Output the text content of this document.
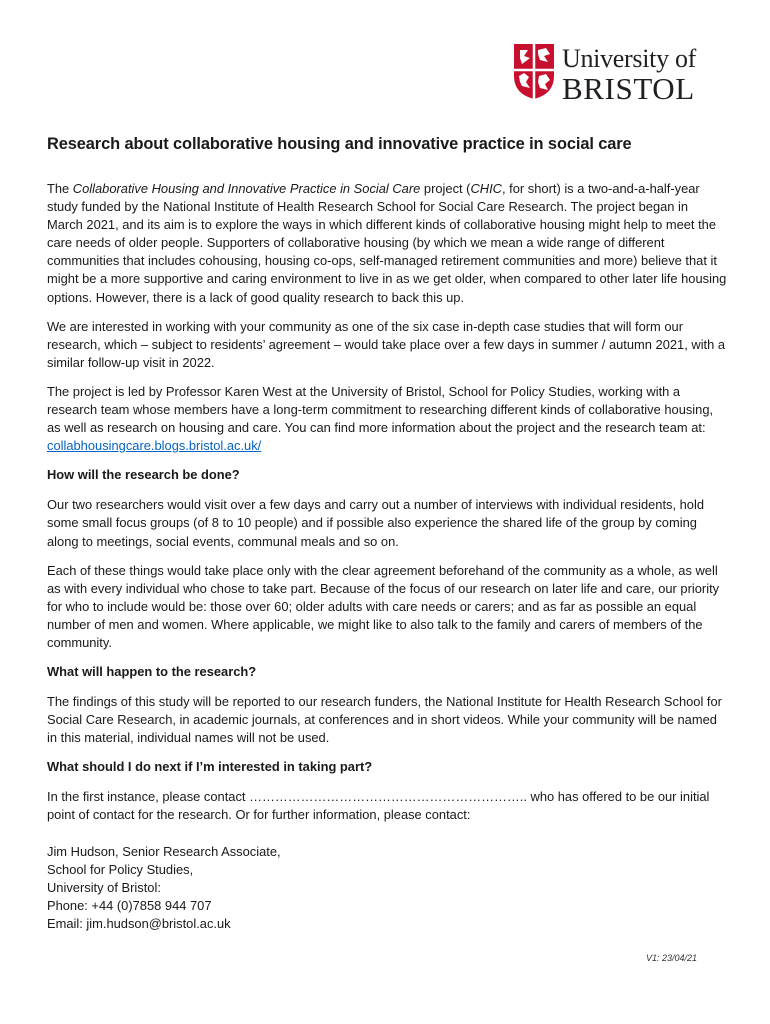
University of
BRISTOL
Research about collaborative housing and innovative practice in social care

The Collaborative Housing and Innovative Practice in Social Care project (CHIC, for short) is a two-and-a-half-year study funded by the National Institute of Health Research School for Social Care Research. The project began in March 2021, and its aim is to explore the ways in which different kinds of collaborative housing might help to meet the care needs of older people. Supporters of collaborative housing (by which we mean a wide range of different communities that includes cohousing, housing co-ops, self-managed retirement communities and more) believe that it might be a more supportive and caring environment to live in as we get older, when compared to other later life housing options. However, there is a lack of good quality research to back this up.

We are interested in working with your community as one of the six case in-depth case studies that will form our research, which – subject to residents’ agreement – would take place over a few days in summer / autumn 2021, with a similar follow-up visit in 2022.

The project is led by Professor Karen West at the University of Bristol, School for Policy Studies, working with a research team whose members have a long-term commitment to researching different kinds of collaborative housing, as well as research on housing and care. You can find more information about the project and the research team at: collabhousingcare.blogs.bristol.ac.uk/

How will the research be done?

Our two researchers would visit over a few days and carry out a number of interviews with individual residents, hold some small focus groups (of 8 to 10 people) and if possible also experience the shared life of the group by coming along to meetings, social events, communal meals and so on.

Each of these things would take place only with the clear agreement beforehand of the community as a whole, as well as with every individual who chose to take part. Because of the focus of our research on later life and care, our priority for who to include would be: those over 60; older adults with care needs or carers; and as far as possible an equal number of men and women. Where applicable, we might like to also talk to the family and carers of members of the community.

What will happen to the research?

The findings of this study will be reported to our research funders, the National Institute for Health Research School for Social Care Research, in academic journals, at conferences and in short videos. While your community will be named in this material, individual names will not be used.

What should I do next if I’m interested in taking part?

In the first instance, please contact ……………………………………………………….. who has offered to be our initial point of contact for the research. Or for further information, please contact:

Jim Hudson, Senior Research Associate,
School for Policy Studies,
University of Bristol:
Phone: +44 (0)7858 944 707
Email: jim.hudson@bristol.ac.uk
V1: 23/04/21
